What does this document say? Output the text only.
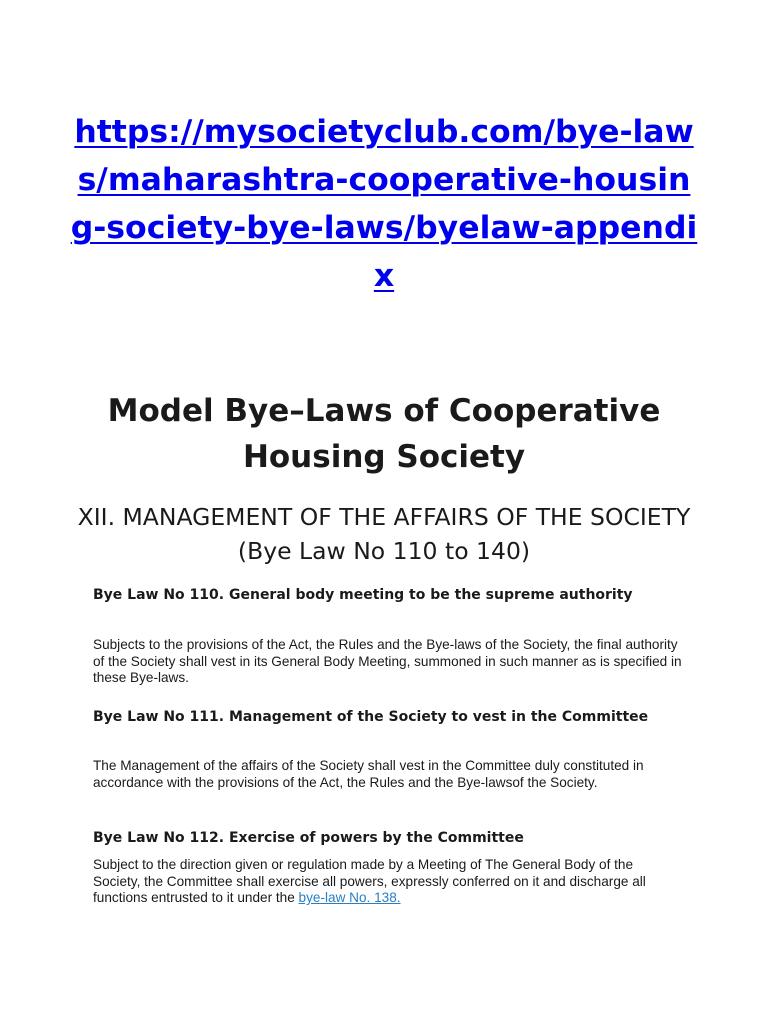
https://mysocietyclub.com/bye-laws/maharashtra-cooperative-housing-society-bye-laws/byelaw-appendix
Model Bye–Laws of Cooperative Housing Society
XII. MANAGEMENT OF THE AFFAIRS OF THE SOCIETY (Bye Law No 110 to 140)

Bye Law No 110. General body meeting to be the supreme authority

Subjects to the provisions of the Act, the Rules and the Bye-laws of the Society, the final authority of the Society shall vest in its General Body Meeting, summoned in such manner as is specified in these Bye-laws.

Bye Law No 111. Management of the Society to vest in the Committee

The Management of the affairs of the Society shall vest in the Committee duly constituted in accordance with the provisions of the Act, the Rules and the Bye-lawsof the Society.

Bye Law No 112. Exercise of powers by the Committee

Subject to the direction given or regulation made by a Meeting of The General Body of the Society, the Committee shall exercise all powers, expressly conferred on it and discharge all functions entrusted to it under the bye-law No. 138.
